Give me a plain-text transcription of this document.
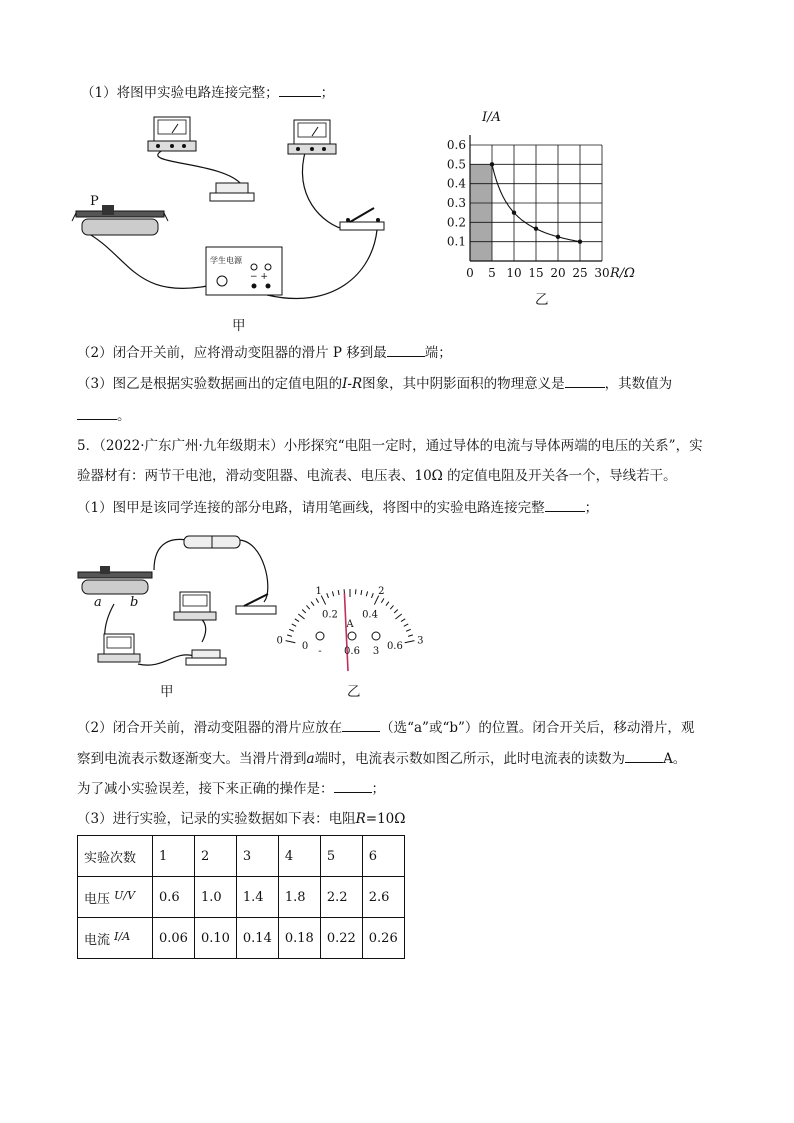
（1）将图甲实验电路连接完整；	；
P
学生电源
− +
甲
0 5 10 15 20 25 30
0.1
0.2
0.3
0.4
0.5
0.6
I/A
R/Ω
乙
（2）闭合开关前，应将滑动变阻器的滑片 P 移到最	端；
（3）图乙是根据实验数据画出的定值电阻的I-R图象，其中阴影面积的物理意义是	，其数值为
。
5．（2022·广东广州·九年级期末）小彤探究“电阻一定时，通过导体的电流与导体两端的电压的关系”，实
验器材有：两节干电池，滑动变阻器、电流表、电压表、10Ω 的定值电阻及开关各一个，导线若干。
（1）图甲是该同学连接的部分电路，请用笔画线，将图中的实验电路连接完整	；
a b
甲
0
1	2
3
0
0.2 0.4
0.6
A
乙
（2）闭合开关前，滑动变阻器的滑片应放在	（选“a”或“b”）的位置。闭合开关后，移动滑片，观
察到电流表示数逐渐变大。当滑片滑到a端时，电流表示数如图乙所示，此时电流表的读数为	A。
为了减小实验误差，接下来正确的操作是：	；
（3）进行实验，记录的实验数据如下表：电阻R=10Ω
实验次数	1	2	3	4	5	6
电压 $^{U/V}$	0.6	1.0	1.4	1.8	2.2	2.6
电流 $^{I/A}$	0.06	0.10	0.14	0.18	0.22	0.26
- 0.6 3
